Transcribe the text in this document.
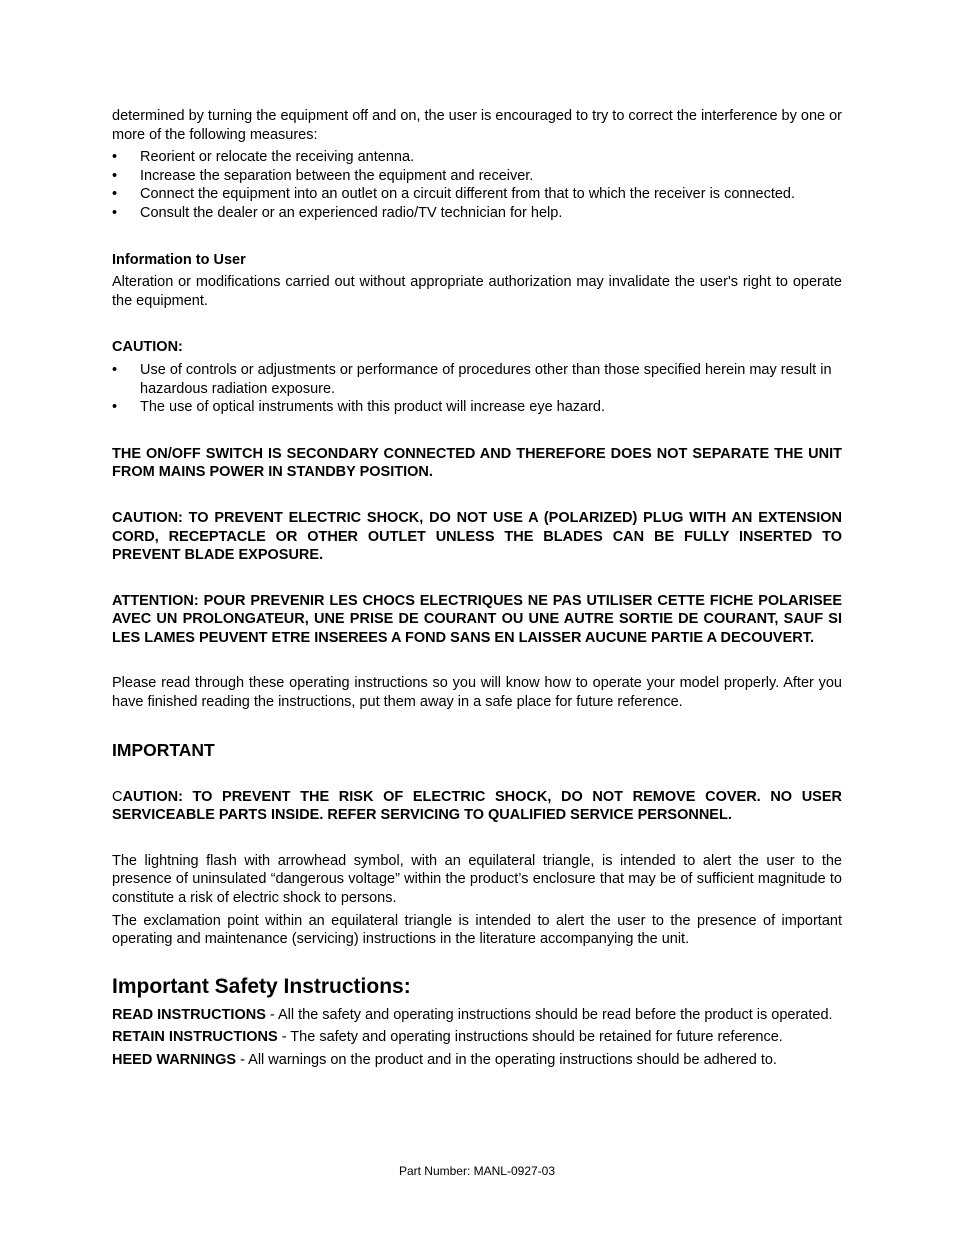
determined by turning the equipment off and on, the user is encouraged to try to correct the interference by one or more of the following measures:

• Reorient or relocate the receiving antenna.
• Increase the separation between the equipment and receiver.
• Connect the equipment into an outlet on a circuit different from that to which the receiver is connected.
• Consult the dealer or an experienced radio/TV technician for help.

Information to User

Alteration or modifications carried out without appropriate authorization may invalidate the user's right to operate the equipment.

CAUTION:

• Use of controls or adjustments or performance of procedures other than those specified herein may result in hazardous radiation exposure.
• The use of optical instruments with this product will increase eye hazard.

THE ON/OFF SWITCH IS SECONDARY CONNECTED AND THEREFORE DOES NOT SEPARATE THE UNIT FROM MAINS POWER IN STANDBY POSITION.

CAUTION: TO PREVENT ELECTRIC SHOCK, DO NOT USE A (POLARIZED) PLUG WITH AN EXTENSION CORD, RECEPTACLE OR OTHER OUTLET UNLESS THE BLADES CAN BE FULLY INSERTED TO PREVENT BLADE EXPOSURE.

ATTENTION: POUR PREVENIR LES CHOCS ELECTRIQUES NE PAS UTILISER CETTE FICHE POLARISEE AVEC UN PROLONGATEUR, UNE PRISE DE COURANT OU UNE AUTRE SORTIE DE COURANT, SAUF SI LES LAMES PEUVENT ETRE INSEREES A FOND SANS EN LAISSER AUCUNE PARTIE A DECOUVERT.

Please read through these operating instructions so you will know how to operate your model properly. After you have finished reading the instructions, put them away in a safe place for future reference.

IMPORTANT

CAUTION: TO PREVENT THE RISK OF ELECTRIC SHOCK, DO NOT REMOVE COVER. NO USER SERVICEABLE PARTS INSIDE. REFER SERVICING TO QUALIFIED SERVICE PERSONNEL.

The lightning flash with arrowhead symbol, with an equilateral triangle, is intended to alert the user to the presence of uninsulated “dangerous voltage” within the product’s enclosure that may be of sufficient magnitude to constitute a risk of electric shock to persons.

The exclamation point within an equilateral triangle is intended to alert the user to the presence of important operating and maintenance (servicing) instructions in the literature accompanying the unit.

Important Safety Instructions:

READ INSTRUCTIONS - All the safety and operating instructions should be read before the product is operated.

RETAIN INSTRUCTIONS - The safety and operating instructions should be retained for future reference.

HEED WARNINGS - All warnings on the product and in the operating instructions should be adhered to.

Part Number: MANL-0927-03
